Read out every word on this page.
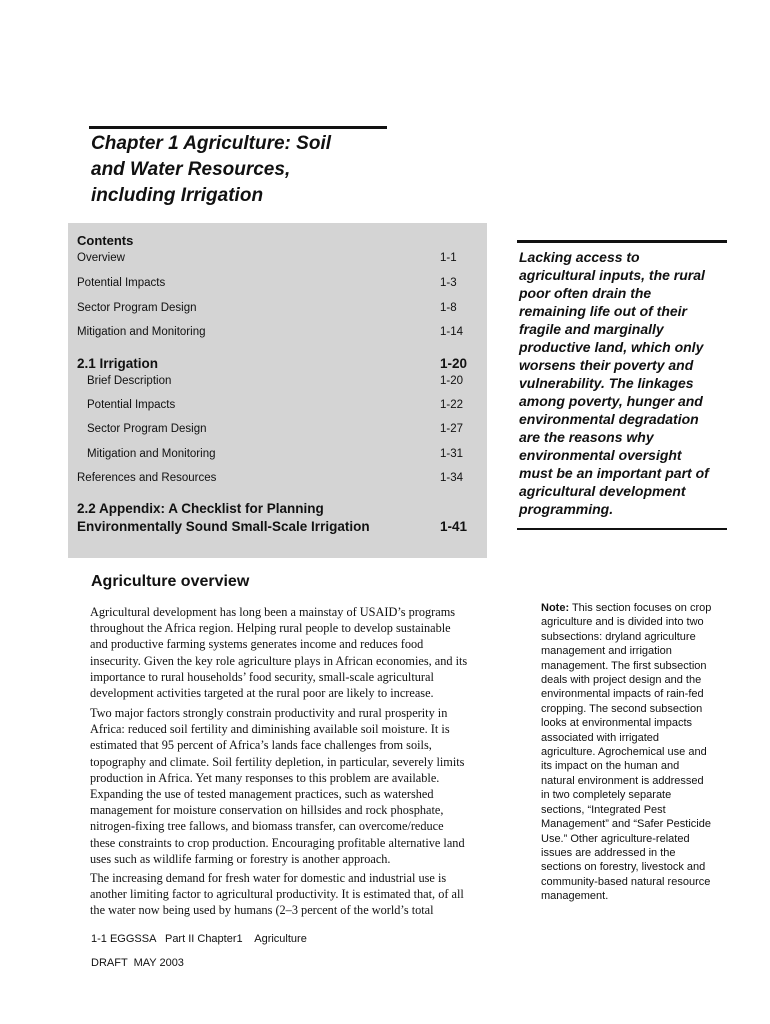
Chapter 1 Agriculture: Soil
and Water Resources,
including Irrigation
Contents
Overview	1-1
Potential Impacts	1-3
Sector Program Design	1-8
Mitigation and Monitoring	1-14
2.1 Irrigation	1-20
Brief Description	1-20
Potential Impacts	1-22
Sector Program Design	1-27
Mitigation and Monitoring	1-31
References and Resources	1-34
2.2 Appendix: A Checklist for Planning
Environmentally Sound Small-Scale Irrigation	1-41

Lacking access to
agricultural inputs, the rural
poor often drain the
remaining life out of their
fragile and marginally
productive land, which only
worsens their poverty and
vulnerability. The linkages
among poverty, hunger and
environmental degradation
are the reasons why
environmental oversight
must be an important part of
agricultural development
programming.

Agriculture overview
Agricultural development has long been a mainstay of USAID’s programs
throughout the Africa region. Helping rural people to develop sustainable
and productive farming systems generates income and reduces food
insecurity. Given the key role agriculture plays in African economies, and its
importance to rural households’ food security, small-scale agricultural
development activities targeted at the rural poor are likely to increase.
Two major factors strongly constrain productivity and rural prosperity in
Africa: reduced soil fertility and diminishing available soil moisture. It is
estimated that 95 percent of Africa’s lands face challenges from soils,
topography and climate. Soil fertility depletion, in particular, severely limits
production in Africa. Yet many responses to this problem are available.
Expanding the use of tested management practices, such as watershed
management for moisture conservation on hillsides and rock phosphate,
nitrogen-fixing tree fallows, and biomass transfer, can overcome/reduce
these constraints to crop production. Encouraging profitable alternative land
uses such as wildlife farming or forestry is another approach.
The increasing demand for fresh water for domestic and industrial use is
another limiting factor to agricultural productivity. It is estimated that, of all
the water now being used by humans (2–3 percent of the world’s total
Note: This section focuses on crop
agriculture and is divided into two
subsections: dryland agriculture
management and irrigation
management. The first subsection
deals with project design and the
environmental impacts of rain-fed
cropping. The second subsection
looks at environmental impacts
associated with irrigated
agriculture. Agrochemical use and
its impact on the human and
natural environment is addressed
in two completely separate
sections, “Integrated Pest
Management” and “Safer Pesticide
Use.” Other agriculture-related
issues are addressed in the
sections on forestry, livestock and
community-based natural resource
management.
1-1 EGGSSA   Part II Chapter1    Agriculture
DRAFT  MAY 2003
